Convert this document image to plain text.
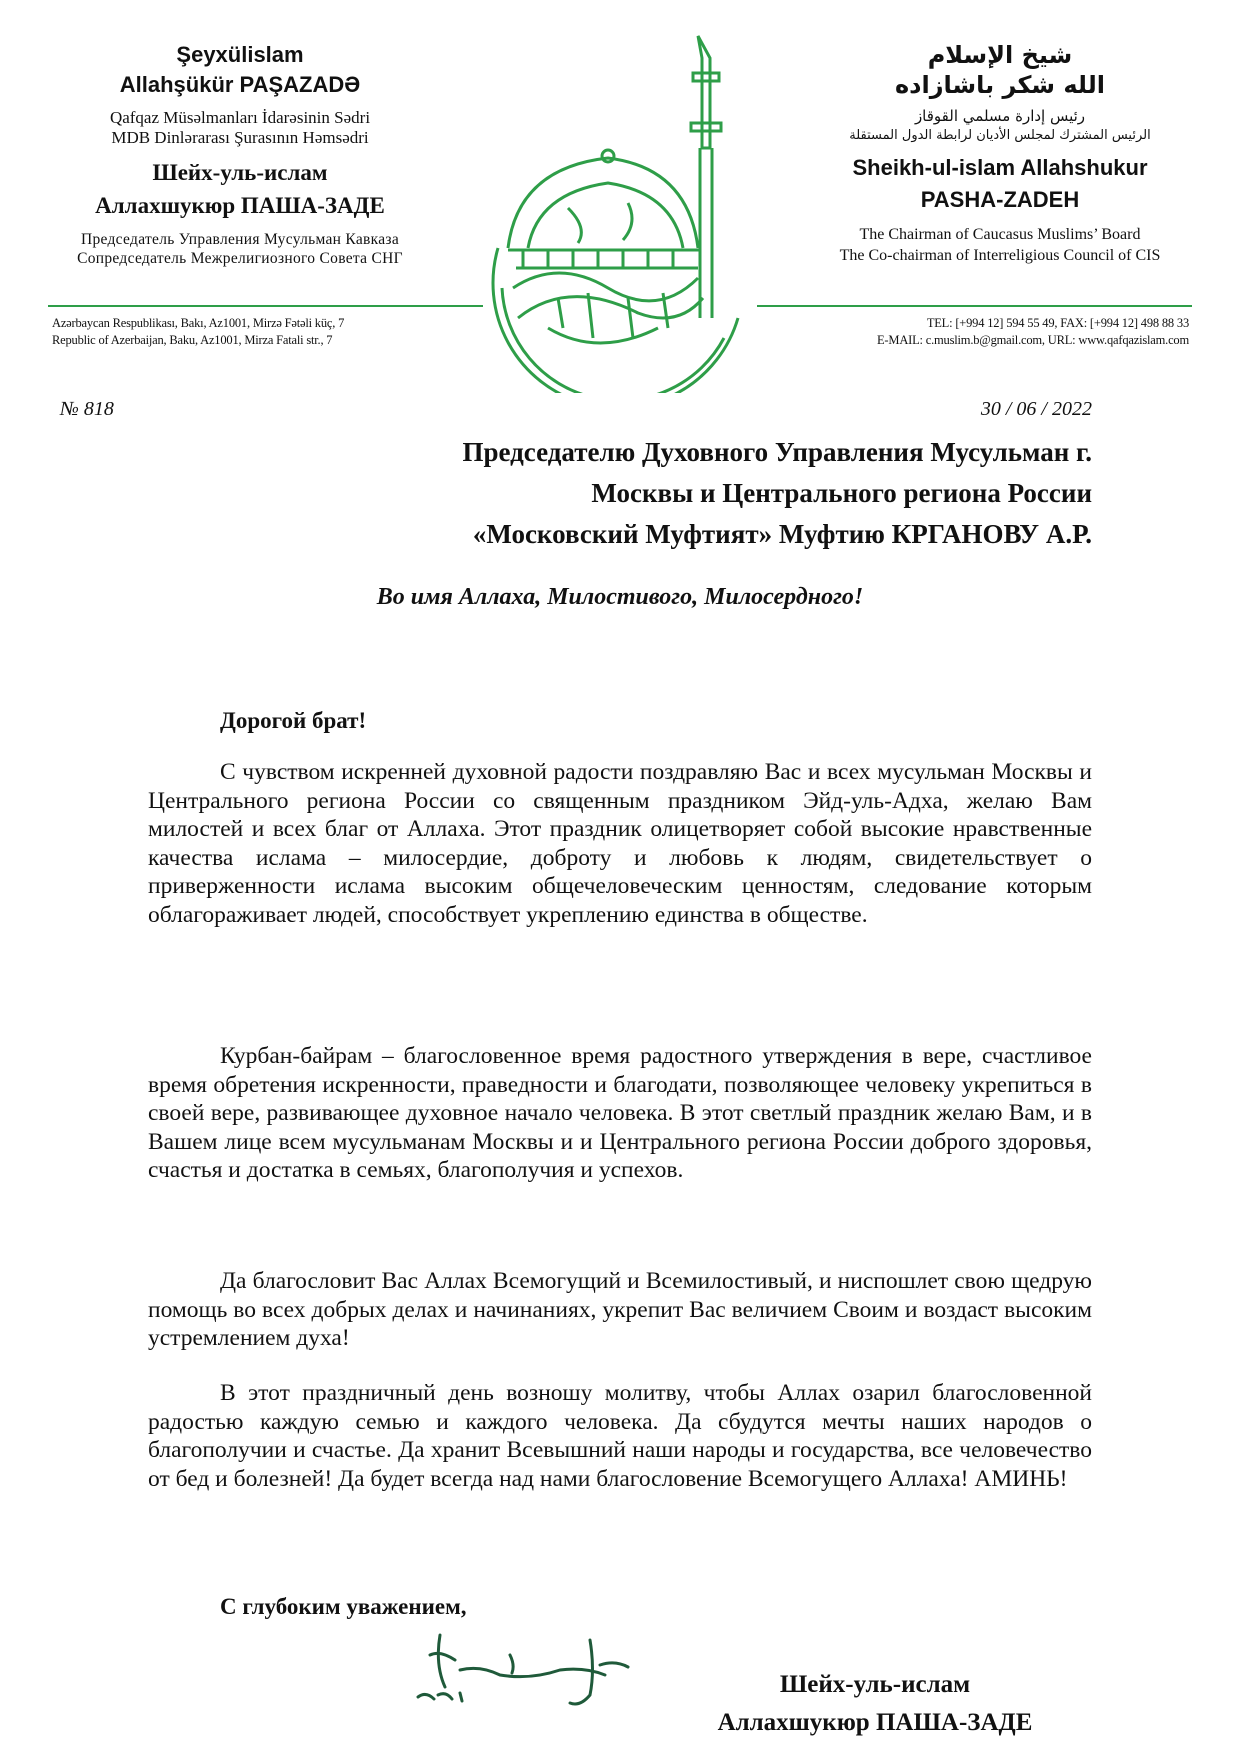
Şeyxülislam
Allahşükür PAŞAZADƏ
Qafqaz Müsəlmanları İdarəsinin Sədri
MDB Dinlərarası Şurasının Həmsədri
Шейх-уль-ислам
Аллахшукюр ПАША-ЗАДЕ
Председатель Управления Мусульман Кавказа
Сопредседатель Межрелигиозного Совета СНГ
Azərbaycan Respublikası, Bakı, Az1001, Mirzə Fətəli küç, 7
Republic of Azerbaijan, Baku, Az1001, Mirza Fatali str., 7
شيخ الإسلام
الله شكر باشازاده
رئيس إدارة مسلمي القوقاز
الرئيس المشترك لمجلس الأديان لرابطة الدول المستقلة
Sheikh-ul-islam Allahshukur
PASHA-ZADEH
The Chairman of Caucasus Muslims’ Board
The Co-chairman of Interreligious Council of CIS
TEL: [+994 12] 594 55 49, FAX: [+994 12] 498 88 33
E-MAIL: c.muslim.b@gmail.com, URL: www.qafqazislam.com
№ 818	30 / 06 / 2022
Председателю Духовного Управления Мусульман г.
Москвы и Центрального региона России
«Московский Муфтият» Муфтию КРГАНОВУ А.Р.
Во имя Аллаха, Милостивого, Милосердного!
Дорогой брат!

С чувством искренней духовной радости поздравляю Вас и всех мусульман Москвы и Центрального региона России со священным праздником Эйд-уль-Адха, желаю Вам милостей и всех благ от Аллаха. Этот праздник олицетворяет собой высокие нравственные качества ислама – милосердие, доброту и любовь к людям, свидетельствует о приверженности ислама высоким общечеловеческим ценностям, следование которым облагораживает людей, способствует укреплению единства в обществе.

Курбан-байрам – благословенное время радостного утверждения в вере, счастливое время обретения искренности, праведности и благодати, позволяющее человеку укрепиться в своей вере, развивающее духовное начало человека. В этот светлый праздник желаю Вам, и в Вашем лице всем мусульманам Москвы и и Центрального региона России доброго здоровья, счастья и достатка в семьях, благополучия и успехов.

Да благословит Вас Аллах Всемогущий и Всемилостивый, и ниспошлет свою щедрую помощь во всех добрых делах и начинаниях, укрепит Вас величием Своим и воздаст высоким устремлением духа!

В этот праздничный день возношу молитву, чтобы Аллах озарил благословенной радостью каждую семью и каждого человека. Да сбудутся мечты наших народов о благополучии и счастье. Да хранит Всевышний наши народы и государства, все человечество от бед и болезней! Да будет всегда над нами благословение Всемогущего Аллаха! АМИНЬ!

С глубоким уважением,
Шейх-уль-ислам
Аллахшукюр ПАША-ЗАДЕ
